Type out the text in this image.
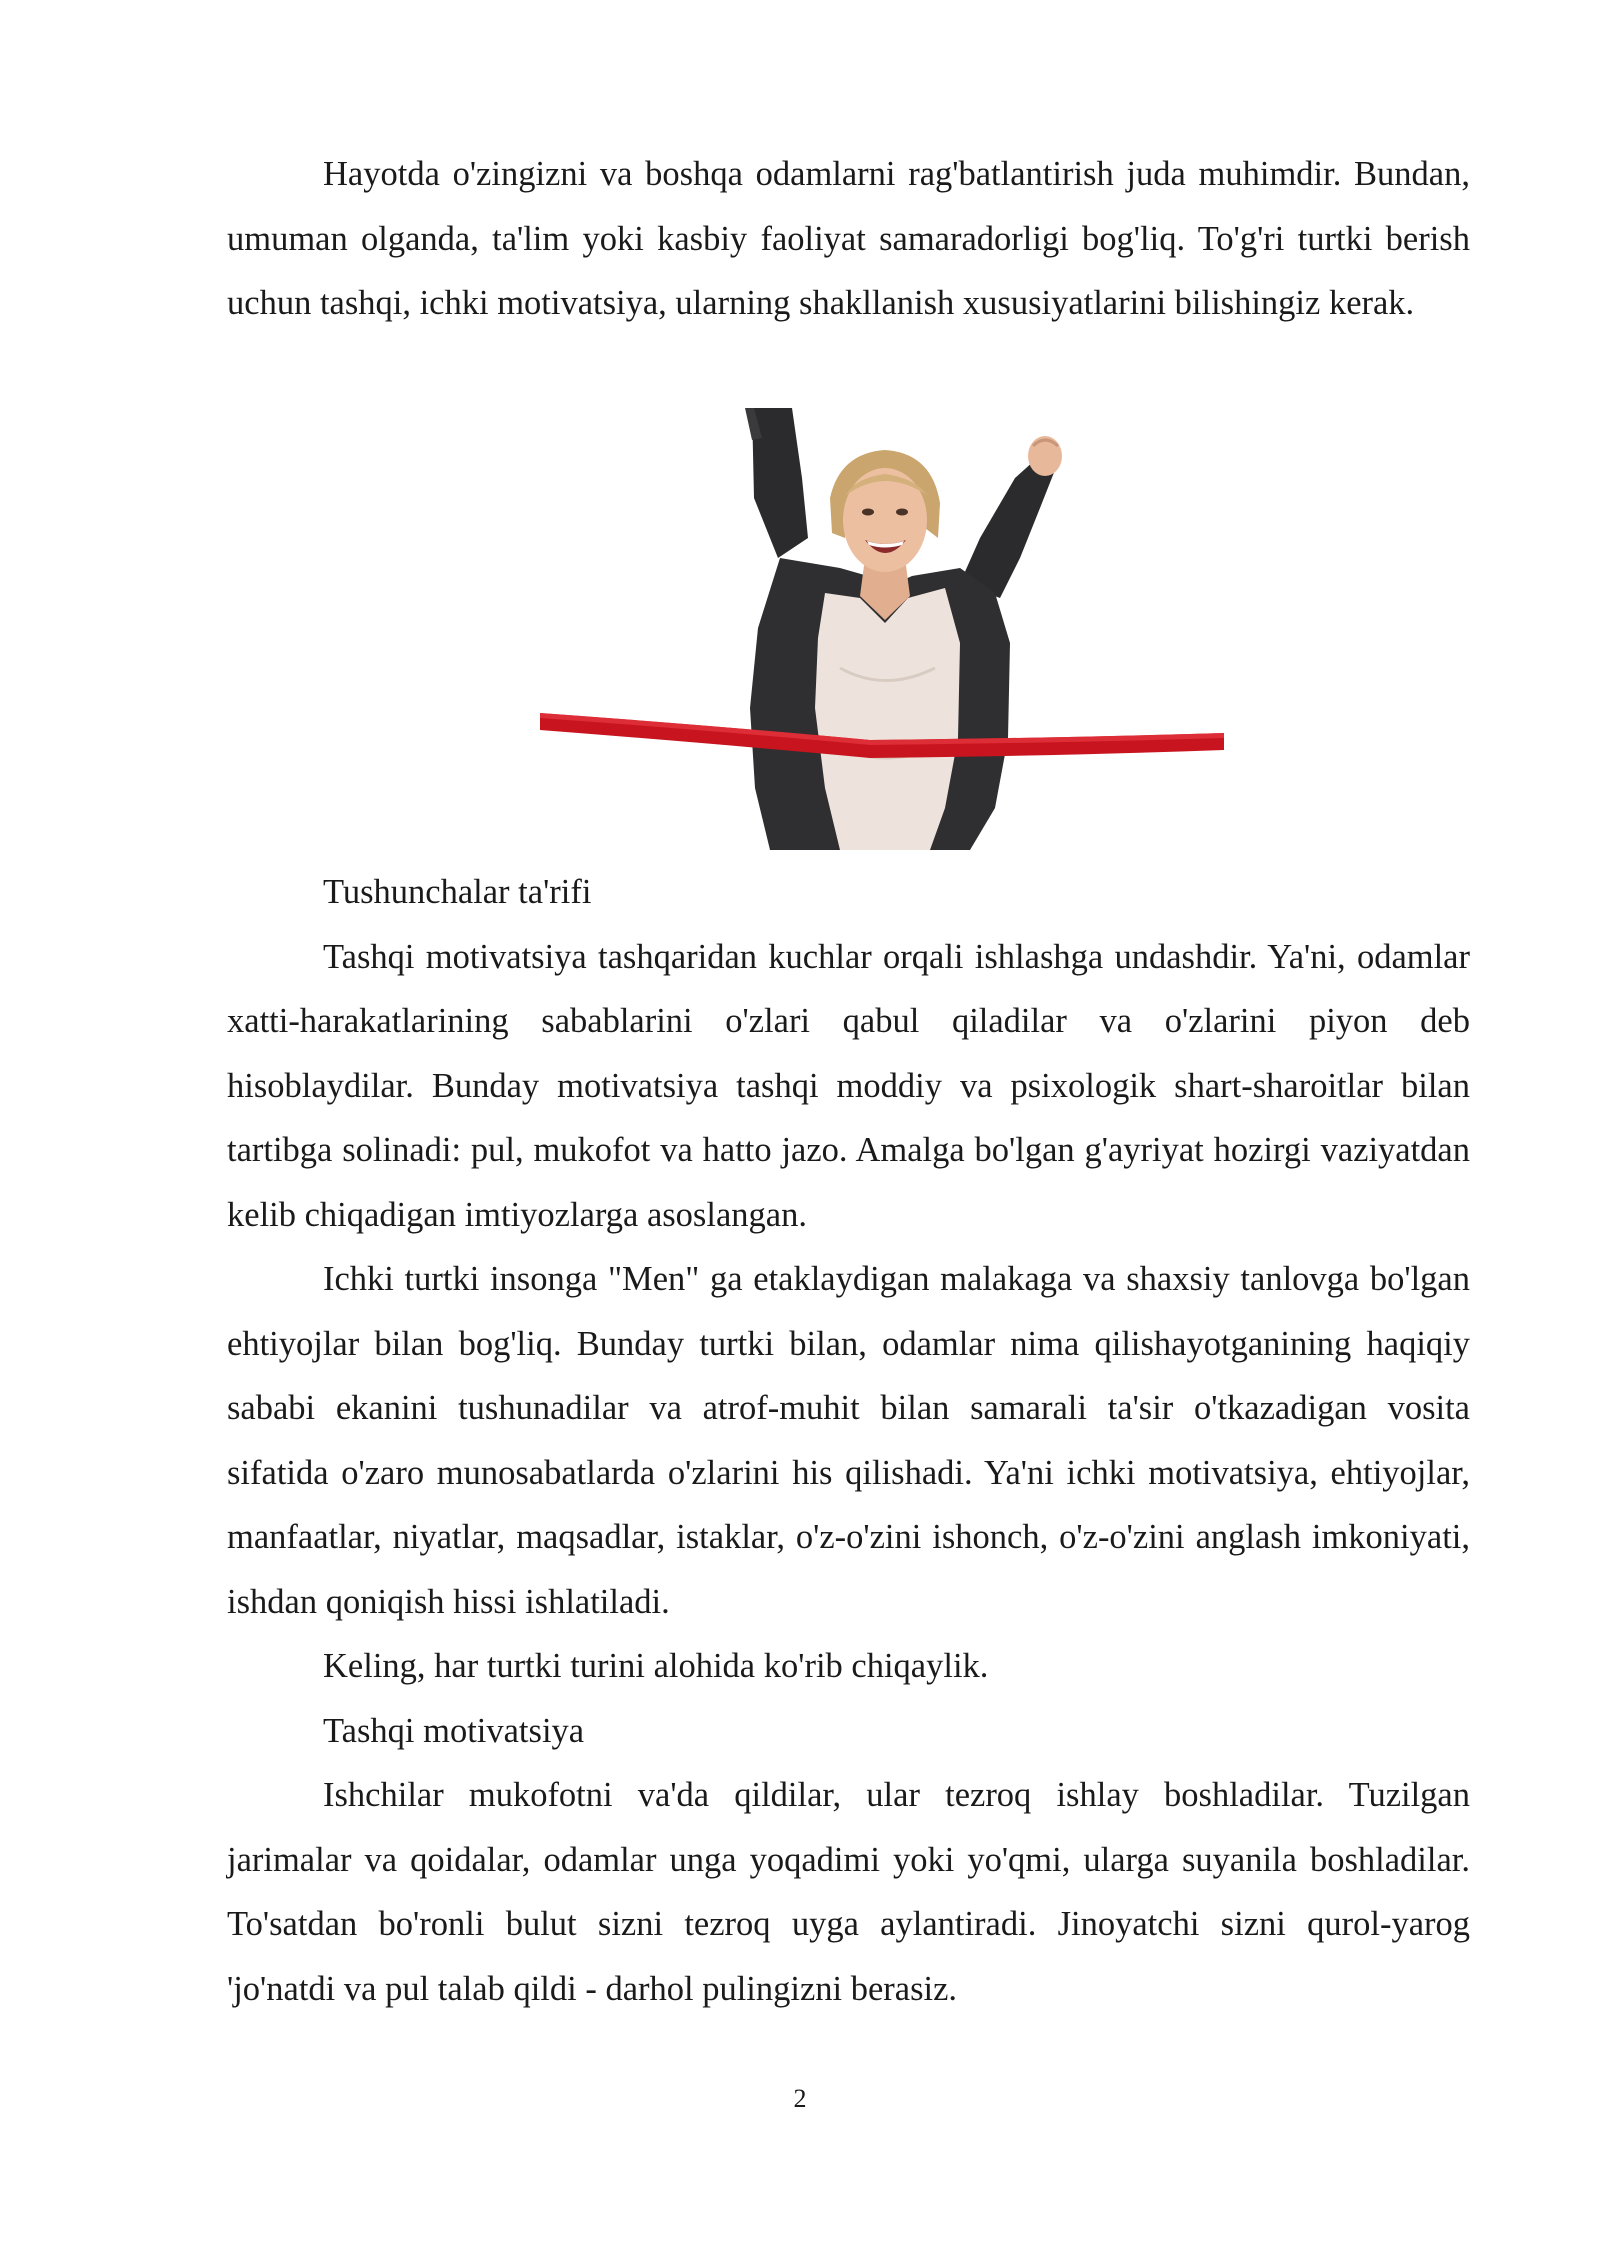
Hayotda o'zingizni va boshqa odamlarni rag'batlantirish juda muhimdir. Bundan, umuman olganda, ta'lim yoki kasbiy faoliyat samaradorligi bog'liq. To'g'ri turtki berish uchun tashqi, ichki motivatsiya, ularning shakllanish xususiyatlarini bilishingiz kerak.

Tushunchalar ta'rifi

Tashqi motivatsiya tashqaridan kuchlar orqali ishlashga undashdir. Ya'ni, odamlar xatti-harakatlarining sabablarini o'zlari qabul qiladilar va o'zlarini piyon deb hisoblaydilar. Bunday motivatsiya tashqi moddiy va psixologik shart-sharoitlar bilan tartibga solinadi: pul, mukofot va hatto jazo. Amalga bo'lgan g'ayriyat hozirgi vaziyatdan kelib chiqadigan imtiyozlarga asoslangan.

Ichki turtki insonga "Men" ga etaklaydigan malakaga va shaxsiy tanlovga bo'lgan ehtiyojlar bilan bog'liq. Bunday turtki bilan, odamlar nima qilishayotganining haqiqiy sababi ekanini tushunadilar va atrof-muhit bilan samarali ta'sir o'tkazadigan vosita sifatida o'zaro munosabatlarda o'zlarini his qilishadi. Ya'ni ichki motivatsiya, ehtiyojlar, manfaatlar, niyatlar, maqsadlar, istaklar, o'z-o'zini ishonch, o'z-o'zini anglash imkoniyati, ishdan qoniqish hissi ishlatiladi.

Keling, har turtki turini alohida ko'rib chiqaylik.

Tashqi motivatsiya

Ishchilar mukofotni va'da qildilar, ular tezroq ishlay boshladilar. Tuzilgan jarimalar va qoidalar, odamlar unga yoqadimi yoki yo'qmi, ularga suyanila boshladilar. To'satdan bo'ronli bulut sizni tezroq uyga aylantiradi. Jinoyatchi sizni qurol-yarog 'jo'natdi va pul talab qildi - darhol pulingizni berasiz.

2
